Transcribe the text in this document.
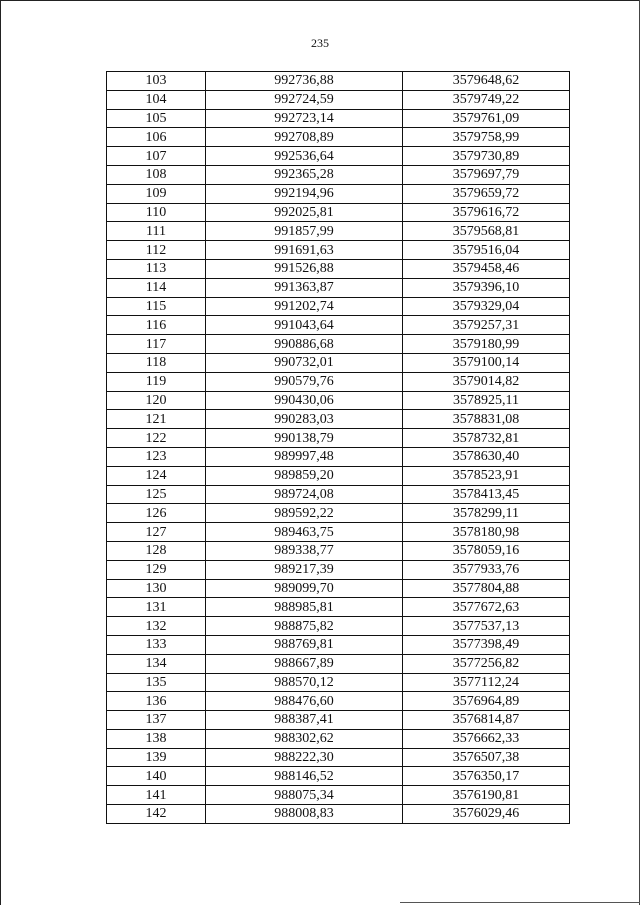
235
103	992736,88	3579648,62
104	992724,59	3579749,22
105	992723,14	3579761,09
106	992708,89	3579758,99
107	992536,64	3579730,89
108	992365,28	3579697,79
109	992194,96	3579659,72
110	992025,81	3579616,72
111	991857,99	3579568,81
112	991691,63	3579516,04
113	991526,88	3579458,46
114	991363,87	3579396,10
115	991202,74	3579329,04
116	991043,64	3579257,31
117	990886,68	3579180,99
118	990732,01	3579100,14
119	990579,76	3579014,82
120	990430,06	3578925,11
121	990283,03	3578831,08
122	990138,79	3578732,81
123	989997,48	3578630,40
124	989859,20	3578523,91
125	989724,08	3578413,45
126	989592,22	3578299,11
127	989463,75	3578180,98
128	989338,77	3578059,16
129	989217,39	3577933,76
130	989099,70	3577804,88
131	988985,81	3577672,63
132	988875,82	3577537,13
133	988769,81	3577398,49
134	988667,89	3577256,82
135	988570,12	3577112,24
136	988476,60	3576964,89
137	988387,41	3576814,87
138	988302,62	3576662,33
139	988222,30	3576507,38
140	988146,52	3576350,17
141	988075,34	3576190,81
142	988008,83	3576029,46
